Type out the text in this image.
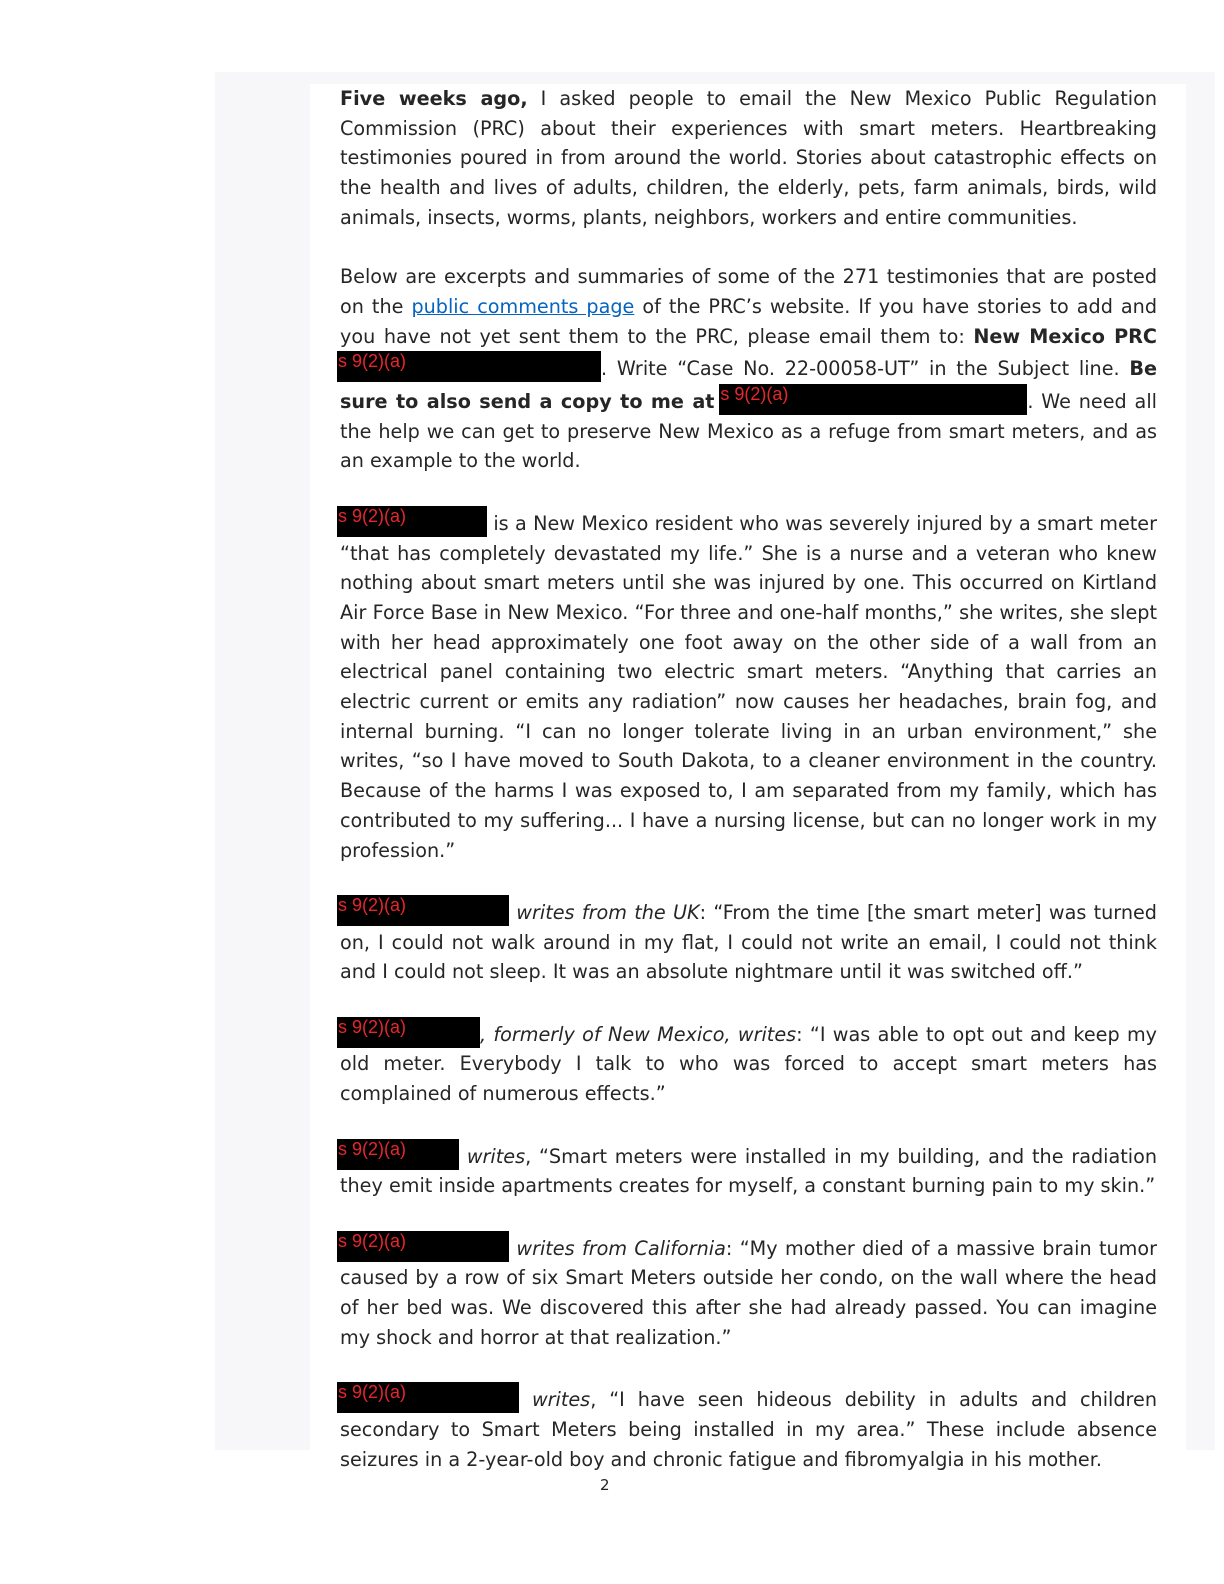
Five weeks ago, I asked people to email the New Mexico Public Regulation Commission (PRC) about their experiences with smart meters. Heartbreaking testimonies poured in from around the world. Stories about catastrophic effects on the health and lives of adults, children, the elderly, pets, farm animals, birds, wild animals, insects, worms, plants, neighbors, workers and entire communities.

Below are excerpts and summaries of some of the 271 testimonies that are posted on the public comments page of the PRC’s website. If you have stories to add and you have not yet sent them to the PRC, please email them to: New Mexico PRC
s 9(2)(a)	. Write “Case No. 22-00058-UT” in the Subject line. Be sure to also send a copy to me at s 9(2)(a)	. We need all the help we can get to preserve New Mexico as a refuge from smart meters, and as an example to the world.

s 9(2)(a)	is a New Mexico resident who was severely injured by a smart meter “that has completely devastated my life.” She is a nurse and a veteran who knew nothing about smart meters until she was injured by one. This occurred on Kirtland Air Force Base in New Mexico. “For three and one-half months,” she writes, she slept with her head approximately one foot away on the other side of a wall from an electrical panel containing two electric smart meters. “Anything that carries an electric current or emits any radiation” now causes her headaches, brain fog, and internal burning. “I can no longer tolerate living in an urban environment,” she writes, “so I have moved to South Dakota, to a cleaner environment in the country. Because of the harms I was exposed to, I am separated from my family, which has contributed to my suffering... I have a nursing license, but can no longer work in my profession.”

s 9(2)(a)	writes from the UK: “From the time [the smart meter] was turned on, I could not walk around in my flat, I could not write an email, I could not think and I could not sleep. It was an absolute nightmare until it was switched off.”

s 9(2)(a)	, formerly of New Mexico, writes: “I was able to opt out and keep my old meter. Everybody I talk to who was forced to accept smart meters has complained of numerous effects.”

s 9(2)(a)	writes, “Smart meters were installed in my building, and the radiation they emit inside apartments creates for myself, a constant burning pain to my skin.”

s 9(2)(a)	writes from California: “My mother died of a massive brain tumor caused by a row of six Smart Meters outside her condo, on the wall where the head of her bed was. We discovered this after she had already passed. You can imagine my shock and horror at that realization.”

s 9(2)(a)	writes, “I have seen hideous debility in adults and children secondary to Smart Meters being installed in my area.” These include absence seizures in a 2-year-old boy and chronic fatigue and fibromyalgia in his mother.

2
